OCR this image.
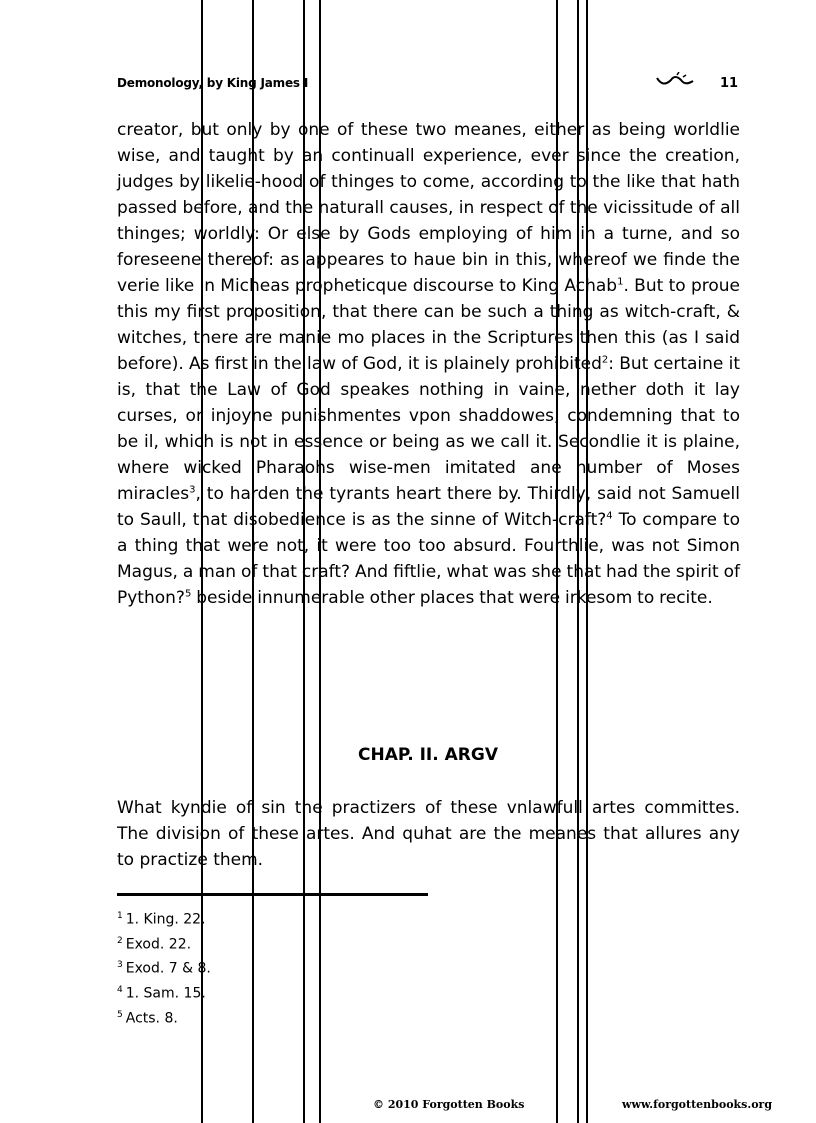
Demonology, by King James I	11
creator, but only by one of these two meanes, either as being worldlie wise, and taught by an continuall experience, ever since the creation, judges by likelie-hood of thinges to come, according to the like that hath passed before, and the naturall causes, in respect of the vicissitude of all thinges; worldly: Or else by Gods employing of him in a turne, and so foreseene thereof: as appeares to haue bin in this, whereof we finde the verie like in Micheas propheticque discourse to King Achab$^1$. But to proue this my first proposition, that there can be such a thing as witch-craft, & witches, there are manie mo places in the Scriptures then this (as I said before). As first in the law of God, it is plainely prohibited$^2$: But certaine it is, that the Law of God speakes nothing in vaine, nether doth it lay curses, or injoyne punishmentes vpon shaddowes, condemning that to be il, which is not in essence or being as we call it. Secondlie it is plaine, where wicked Pharaohs wise-men imitated ane number of Moses miracles$^3$, to harden the tyrants heart there by. Thirdly, said not Samuell to Saull, that disobedience is as the sinne of Witch-craft?$^4$ To compare to a thing that were not, it were too too absurd. Fourthlie, was not Simon Magus, a man of that craft? And fiftlie, what was she that had the spirit of Python?$^5$ beside innumerable other places that were irkesom to recite.
CHAP. II. ARGV
What kyndie of sin the practizers of these vnlawfull artes committes. The division of these artes. And quhat are the meanes that allures any to practize them.
$^1$ 1. King. 22.
$^2$ Exod. 22.
$^3$ Exod. 7 & 8.
$^4$ 1. Sam. 15.
$^5$ Acts. 8.
© 2010 Forgotten Books	www.forgottenbooks.org
